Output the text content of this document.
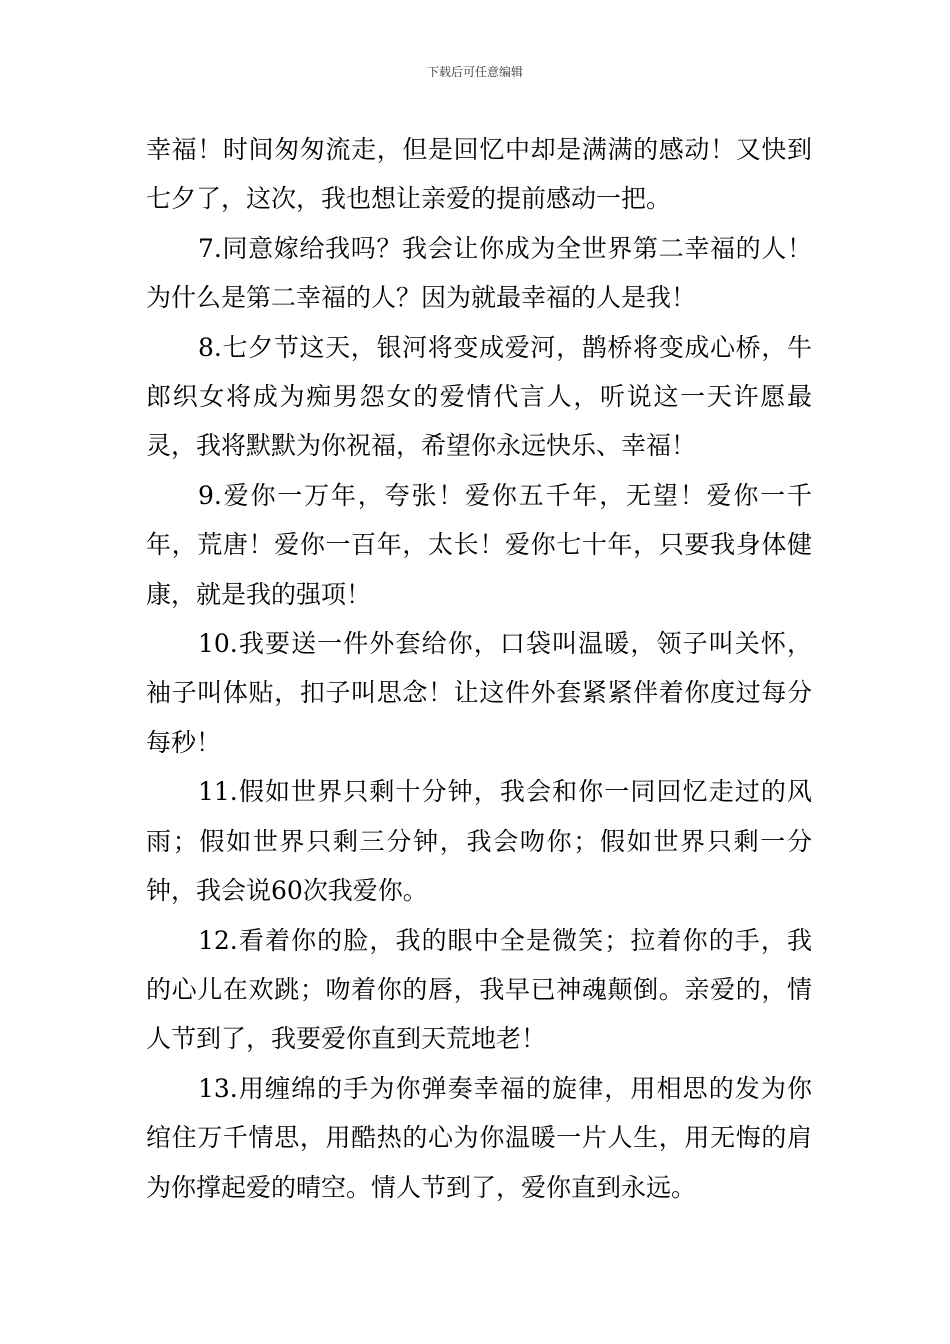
下载后可任意编辑

幸福！时间匆匆流走，但是回忆中却是满满的感动！又快到七夕了，这次，我也想让亲爱的提前感动一把。

7.同意嫁给我吗？我会让你成为全世界第二幸福的人！为什么是第二幸福的人？因为就最幸福的人是我！

8.七夕节这天，银河将变成爱河，鹊桥将变成心桥，牛郎织女将成为痴男怨女的爱情代言人，听说这一天许愿最灵，我将默默为你祝福，希望你永远快乐、幸福！

9.爱你一万年，夸张！爱你五千年，无望！爱你一千年，荒唐！爱你一百年，太长！爱你七十年，只要我身体健康，就是我的强项！

10.我要送一件外套给你，口袋叫温暖，领子叫关怀，袖子叫体贴，扣子叫思念！让这件外套紧紧伴着你度过每分每秒！

11.假如世界只剩十分钟，我会和你一同回忆走过的风雨；假如世界只剩三分钟，我会吻你；假如世界只剩一分钟，我会说60次我爱你。

12.看着你的脸，我的眼中全是微笑；拉着你的手，我的心儿在欢跳；吻着你的唇，我早已神魂颠倒。亲爱的，情人节到了，我要爱你直到天荒地老！

13.用缠绵的手为你弹奏幸福的旋律，用相思的发为你绾住万千情思，用酷热的心为你温暖一片人生，用无悔的肩为你撑起爱的晴空。情人节到了，爱你直到永远。
